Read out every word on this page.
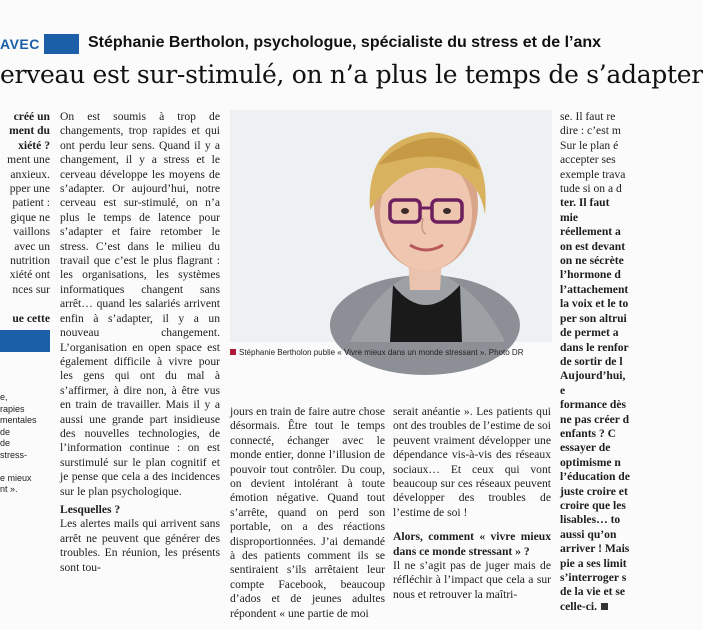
AVEC	Stéphanie Bertholon, psychologue, spécialiste du stress et de l’anx
erveau est sur-stimulé, on n’a plus le temps de s’adapter

créé un

ment du

xiété ?

ment une

anxieux.

pper une

patient :

gique ne

vaillons

avec un

nutrition

xiété ont

nces sur

ue cette

e,
rapies
mentales
de
de
stress-

e mieux
nt ».

On est soumis à trop de changements, trop rapides et qui ont perdu leur sens. Quand il y a changement, il y a stress et le cerveau développe les moyens de s’adapter. Or aujourd’hui, notre cerveau est sur-stimulé, on n’a plus le temps de latence pour s’adapter et faire retomber le stress. C’est dans le milieu du travail que c’est le plus flagrant : les organisations, les systèmes informatiques changent sans arrêt… quand les salariés arrivent enfin à s’adapter, il y a un nouveau changement. L’organisation en open space est également difficile à vivre pour les gens qui ont du mal à s’affirmer, à dire non, à être vus en train de travailler. Mais il y a aussi une grande part insidieuse des nouvelles technologies, de l’information continue : on est surstimulé sur le plan cognitif et je pense que cela a des incidences sur le plan psychologique.

Lesquelles ?

Les alertes mails qui arrivent sans arrêt ne peuvent que générer des troubles. En réunion, les présents sont tou-

Stéphanie Bertholon publie « Vivre mieux dans un monde stressant ». Photo DR

jours en train de faire autre chose désormais. Être tout le temps connecté, échanger avec le monde entier, donne l’illusion de pouvoir tout contrôler. Du coup, on devient intolérant à toute émotion négative. Quand tout s’arrête, quand on perd son portable, on a des réactions disproportionnées. J’ai demandé à des patients comment ils se sentiraient s’ils arrêtaient leur compte Facebook, beaucoup d’ados et de jeunes adultes répondent « une partie de moi

serait anéantie ». Les patients qui ont des troubles de l’estime de soi peuvent vraiment développer une dépendance vis-à-vis des réseaux sociaux… Et ceux qui vont beaucoup sur ces réseaux peuvent développer des troubles de l’estime de soi !

Alors, comment « vivre mieux dans ce monde stressant » ?

Il ne s’agit pas de juger mais de réfléchir à l’impact que cela a sur nous et retrouver la maîtri-

se. Il faut re

dire : c’est m

Sur le plan é

accepter ses

exemple trava

tude si on a d

ter. Il faut mie

réellement a

on est devant

on ne sécrète

l’hormone d

l’attachement

la voix et le to

per son altrui

de permet a

dans le renfor

de sortir de l

Aujourd’hui, e

formance dès

ne pas créer d

enfants ? C

essayer de

optimisme n

l’éducation de

juste croire et

croire que les

lisables… to

aussi qu’on

arriver ! Mais

pie a ses limit

s’interroger s

de la vie et se

celle-ci.
